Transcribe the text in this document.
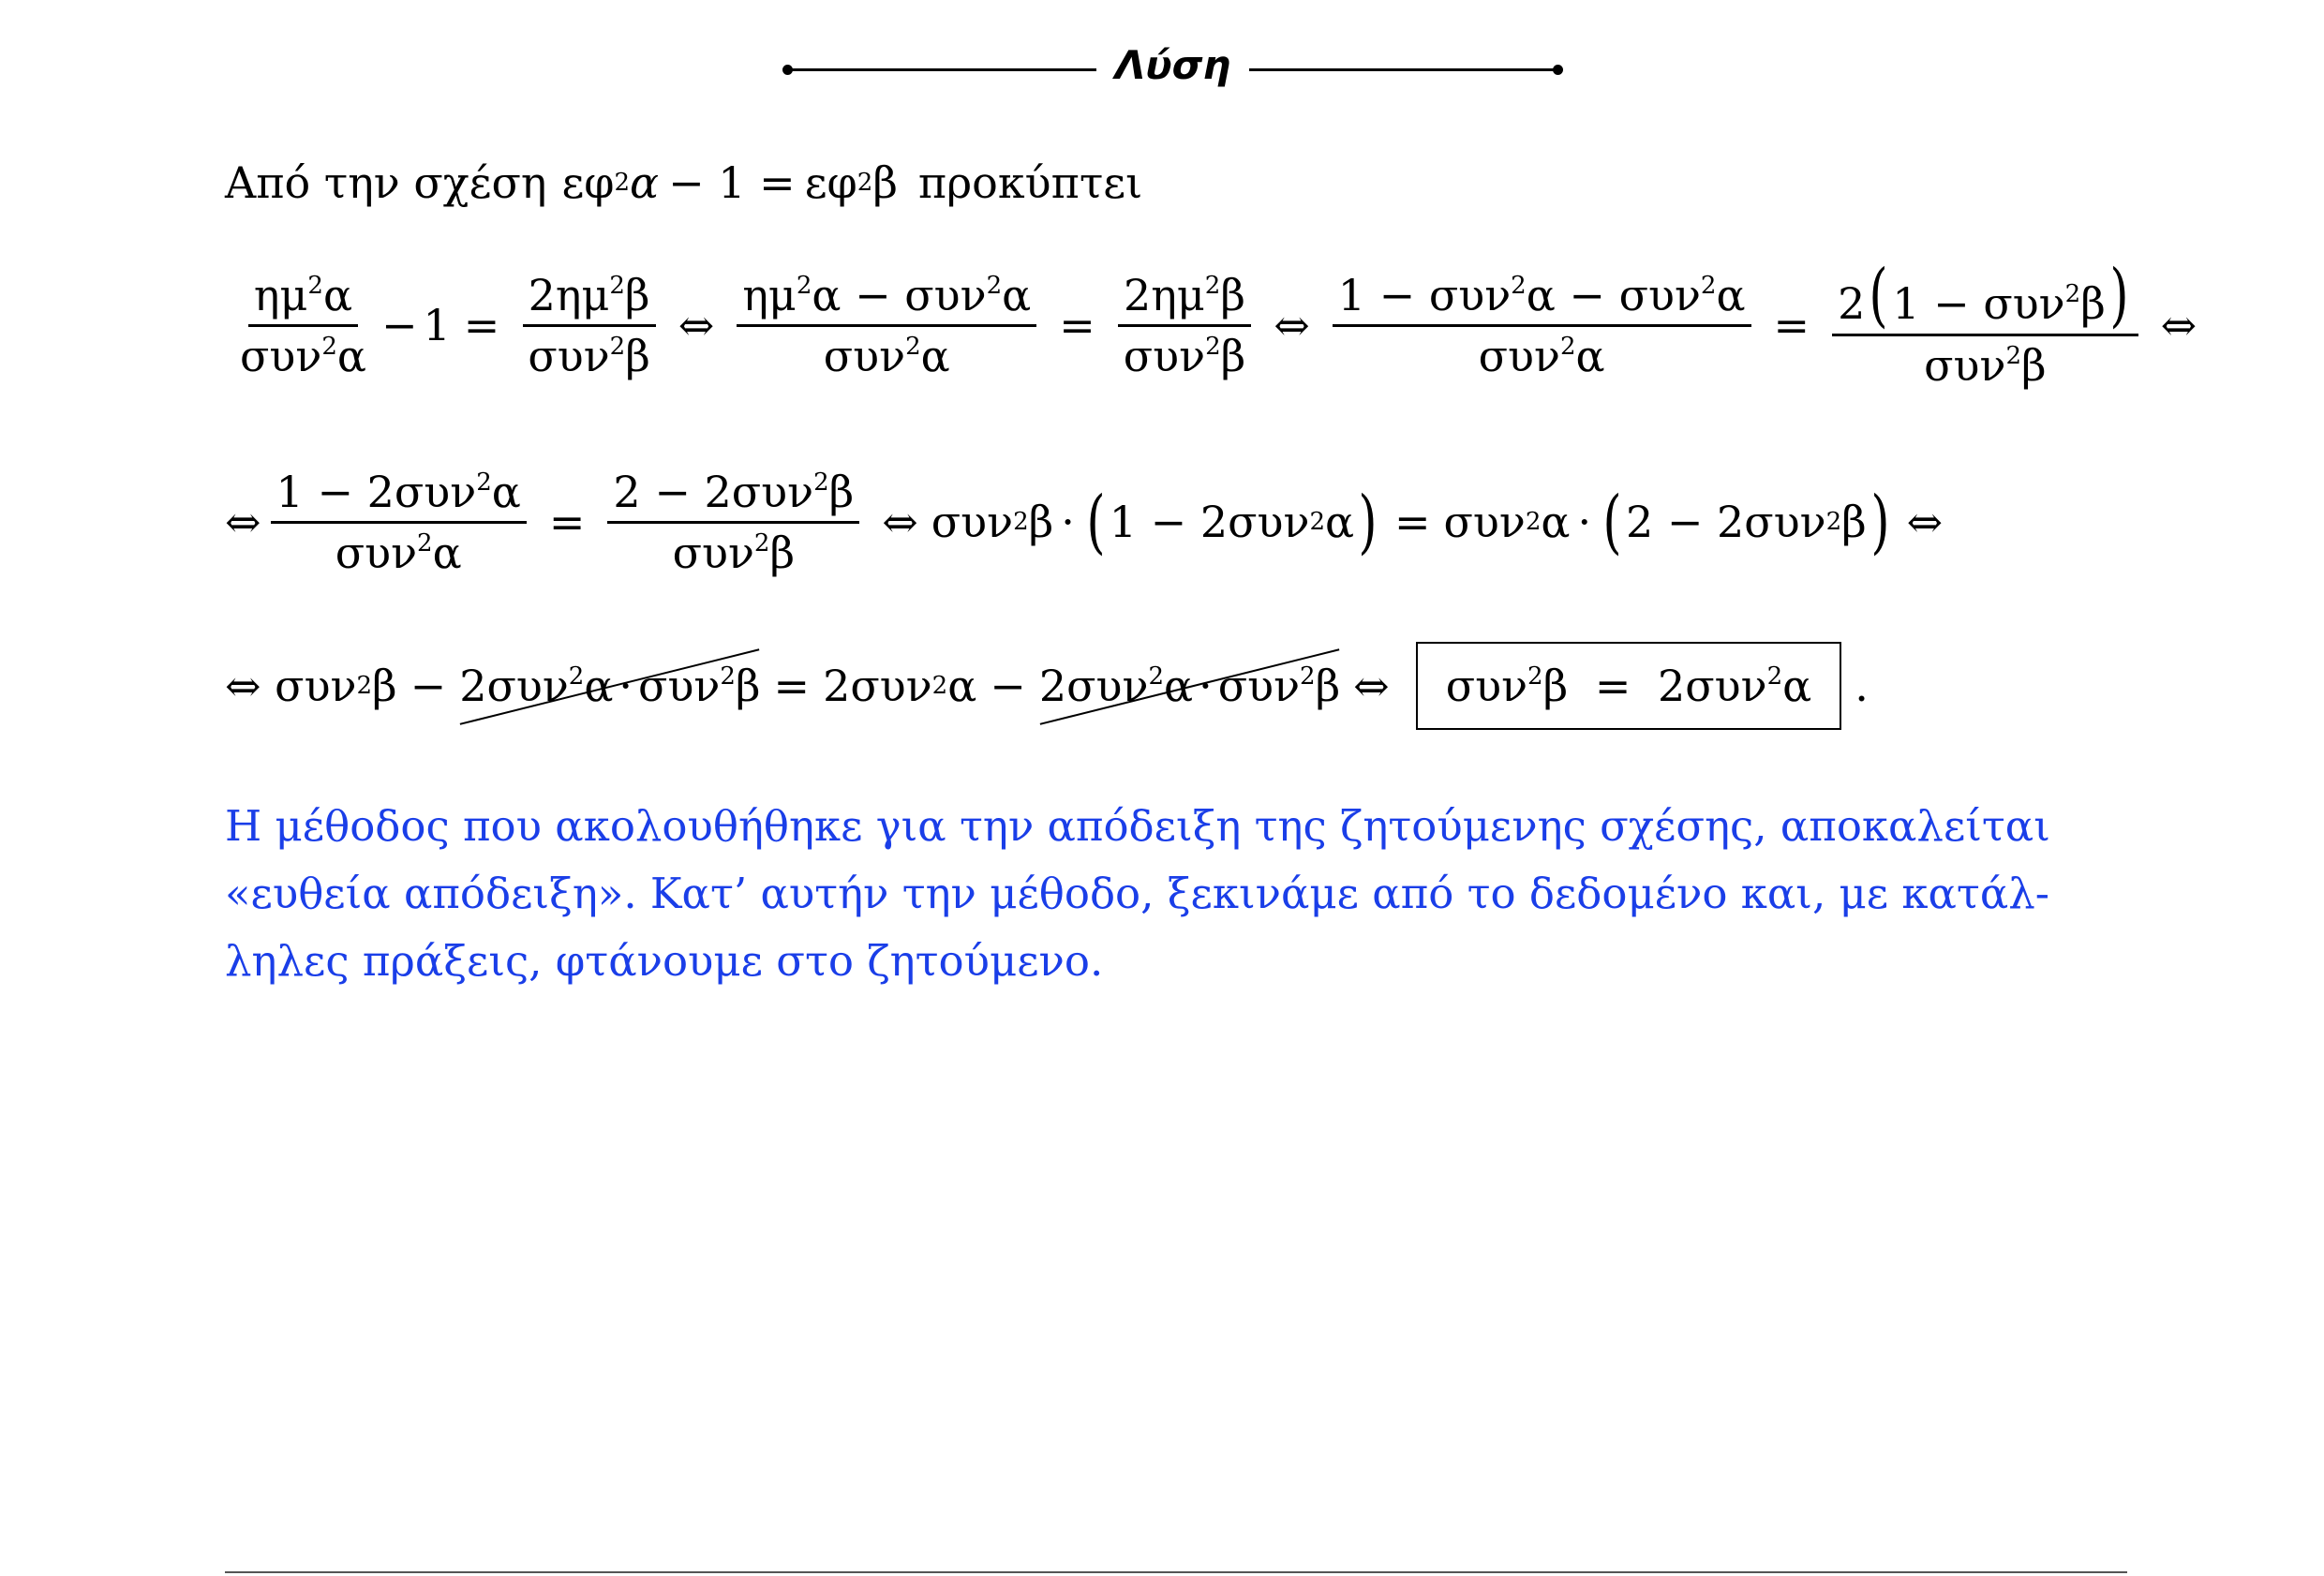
Λύση
Από την σχέση εφ 2 α − 1 = εφ 2 β προκύπτει
$\frac{\eta\mu^2\alpha}{\sigma\upsilon\nu^2\alpha} - 1 = \frac{2\eta\mu^2\beta}{\sigma\upsilon\nu^2\beta}$ ⇔ $\frac{\eta\mu^2\alpha - \sigma\upsilon\nu^2\alpha}{\sigma\upsilon\nu^2\alpha} = \frac{2\eta\mu^2\beta}{\sigma\upsilon\nu^2\beta}$ ⇔ $\frac{1 - \sigma\upsilon\nu^2\alpha - \sigma\upsilon\nu^2\alpha}{\sigma\upsilon\nu^2\alpha} = \frac{2(1 - \sigma\upsilon\nu^2\beta)}{\sigma\upsilon\nu^2\beta}$ ⇔
⇔ $\frac{1 - 2\sigma\upsilon\nu^2\alpha}{\sigma\upsilon\nu^2\alpha} = \frac{2 - 2\sigma\upsilon\nu^2\beta}{\sigma\upsilon\nu^2\beta}$ ⇔ συν 2 β · ( 1
−
2 συν 2 α ) = συν 2 α · ( 2
−
2 συν 2 β ) ⇔
⇔
συν 2 β − 2συν$^2$α · συν$^2$β = 2 συν 2 α − 2συν$^2$α · συν$^2$β ⇔	συν$^2$β = 2συν$^2$α	.
Η μέθοδος που ακολουθήθηκε για την απόδειξη της ζητούμενης σχέσης, αποκαλείται
«ευθεία απόδειξη». Κατ’ αυτήν την μέθοδο, ξεκινάμε από το δεδομένο και, με κατάλ-
ληλες πράξεις, φτάνουμε στο ζητούμενο.
